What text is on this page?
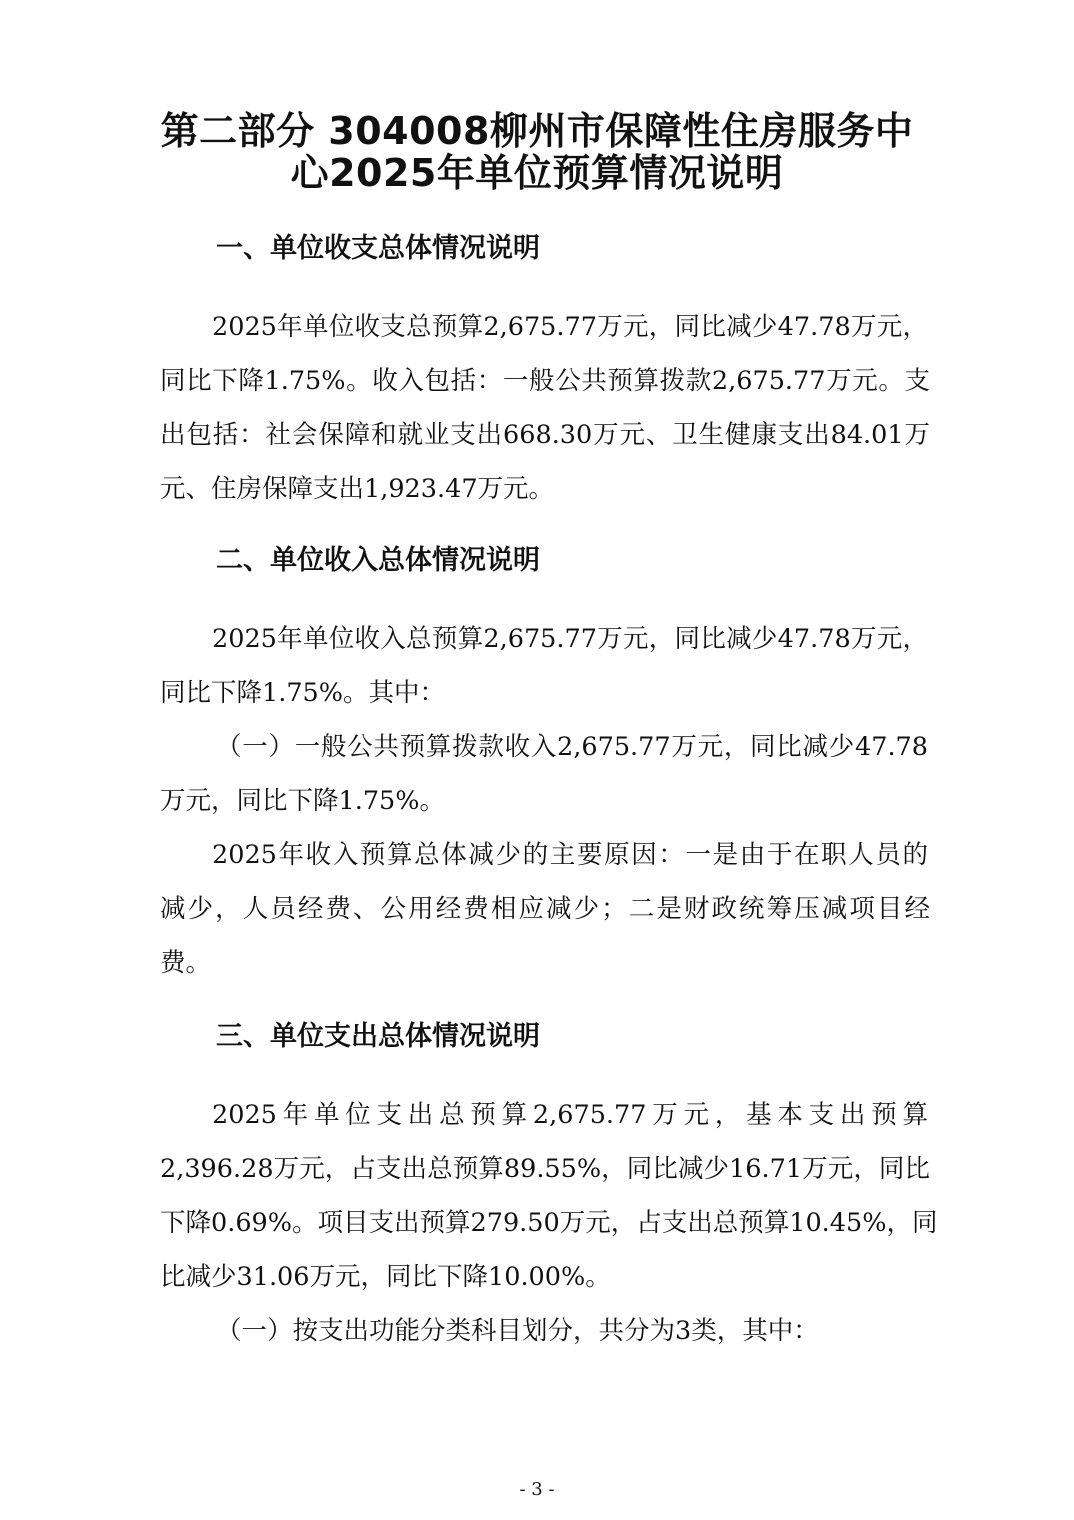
第二部分 304008柳州市保障性住房服务中
心2025年单位预算情况说明
一、单位收支总体情况说明

2025年单位收支总预算2,675.77万元，同比减少47.78万元，

同比下降1.75%。收入包括：一般公共预算拨款2,675.77万元。支

出包括：社会保障和就业支出668.30万元、卫生健康支出84.01万

元、住房保障支出1,923.47万元。

二、单位收入总体情况说明

2025年单位收入总预算2,675.77万元，同比减少47.78万元，

同比下降1.75%。其中：

（一）一般公共预算拨款收入2,675.77万元，同比减少47.78

万元，同比下降1.75%。

2025年收入预算总体减少的主要原因：一是由于在职人员的

减少，人员经费、公用经费相应减少；二是财政统筹压减项目经

费。

三、单位支出总体情况说明

2025年单位支出总预算2,675.77万元，基本支出预算

2,396.28万元，占支出总预算89.55%，同比减少16.71万元，同比

下降0.69%。项目支出预算279.50万元，占支出总预算10.45%，同

比减少31.06万元，同比下降10.00%。

（一）按支出功能分类科目划分，共分为3类，其中：

- 3 -
